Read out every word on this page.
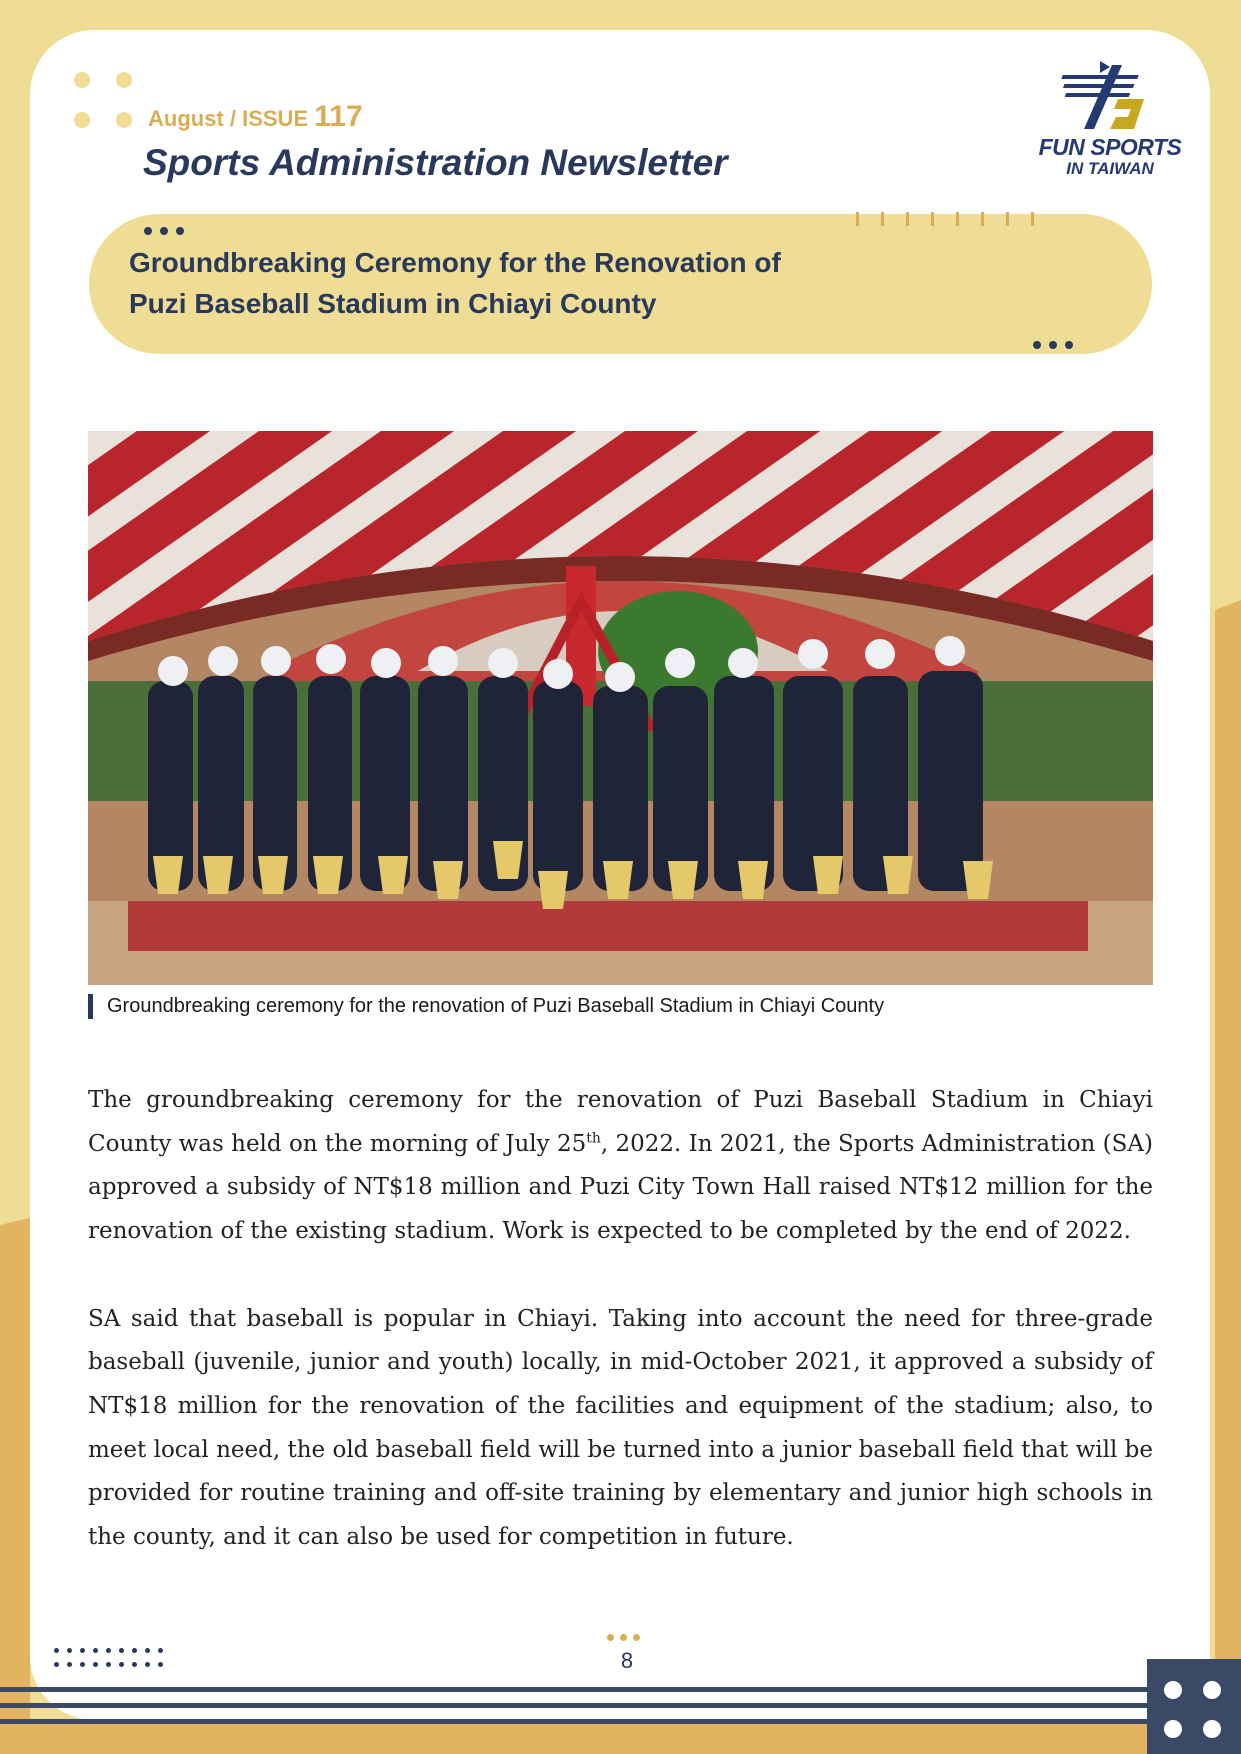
August / ISSUE 117
Sports Administration Newsletter	FUN SPORTS
IN TAIWAN
Groundbreaking Ceremony for the Renovation of
Puzi Baseball Stadium in Chiayi County
Groundbreaking ceremony for the renovation of Puzi Baseball Stadium in Chiayi County

The groundbreaking ceremony for the renovation of Puzi Baseball Stadium in Chiayi County was held on the morning of July 25th, 2022. In 2021, the Sports Administration (SA) approved a subsidy of NT$18 million and Puzi City Town Hall raised NT$12 million for the renovation of the existing stadium. Work is expected to be completed by the end of 2022.

SA said that baseball is popular in Chiayi. Taking into account the need for three-grade baseball (juvenile, junior and youth) locally, in mid-October 2021, it approved a subsidy of NT$18 million for the renovation of the facilities and equipment of the stadium; also, to meet local need, the old baseball field will be turned into a junior baseball field that will be provided for routine training and off-site training by elementary and junior high schools in the county, and it can also be used for competition in future.

8
